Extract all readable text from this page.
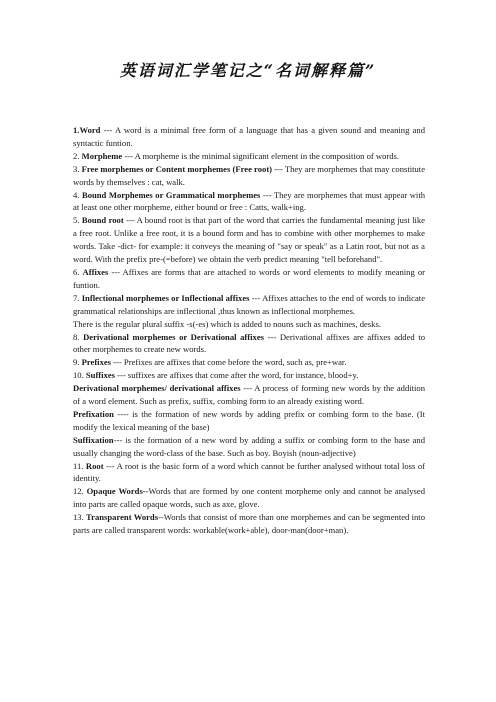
英语词汇学笔记之“名词解释篇”

1.Word --- A word is a minimal free form of a language that has a given sound and meaning and syntactic funtion.

2. Morpheme --- A morpheme is the minimal significant element in the composition of words.

3. Free morphemes or Content morphemes (Free root) --- They are morphemes that may constitute words by themselves : cat, walk.

4. Bound Morphemes or Grammatical morphemes --- They are morphemes that must appear with at least one other morpheme, either bound or free : Catts, walk+ing.

5. Bound root --- A bound root is that part of the word that carries the fundamental meaning just like a free root. Unlike a free root, it is a bound form and has to combine with other morphemes to make words. Take -dict- for example: it conveys the meaning of "say or speak" as a Latin root, but not as a word. With the prefix pre-(=before) we obtain the verb predict meaning "tell beforehand".

6. Affixes --- Affixes are forms that are attached to words or word elements to modify meaning or funtion.

7. Inflectional morphemes or Inflectional affixes --- Affixes attaches to the end of words to indicate grammatical relationships are inflectional ,thus known as inflectional morphemes.

There is the regular plural suffix -s(-es) which is added to nouns such as machines, desks.

8. Derivational morphemes or Derivational affixes --- Derivational affixes are affixes added to other morphemes to create new words.

9. Prefixes --- Prefixes are affixes that come before the word, such as, pre+war.

10. Suffixes --- suffixes are affixes that come after the word, for instance, blood+y.

Derivational morphemes/ derivational affixes --- A process of forming new words by the addition of a word element. Such as prefix, suffix, combing form to an already existing word.

Prefixation ---- is the formation of new words by adding prefix or combing form to the base. (It modify the lexical meaning of the base)

Suffixation--- is the formation of a new word by adding a suffix or combing form to the base and usually changing the word-class of the base. Such as boy. Boyish (noun-adjective)

11. Root --- A root is the basic form of a word which cannot be further analysed without total loss of identity.

12. Opaque Words--Words that are formed by one content morpheme only and cannot be analysed into parts are called opaque words, such as axe, glove.

13. Transparent Words--Words that consist of more than one morphemes and can be segmented into parts are called transparent words: workable(work+able), door-man(door+man).
